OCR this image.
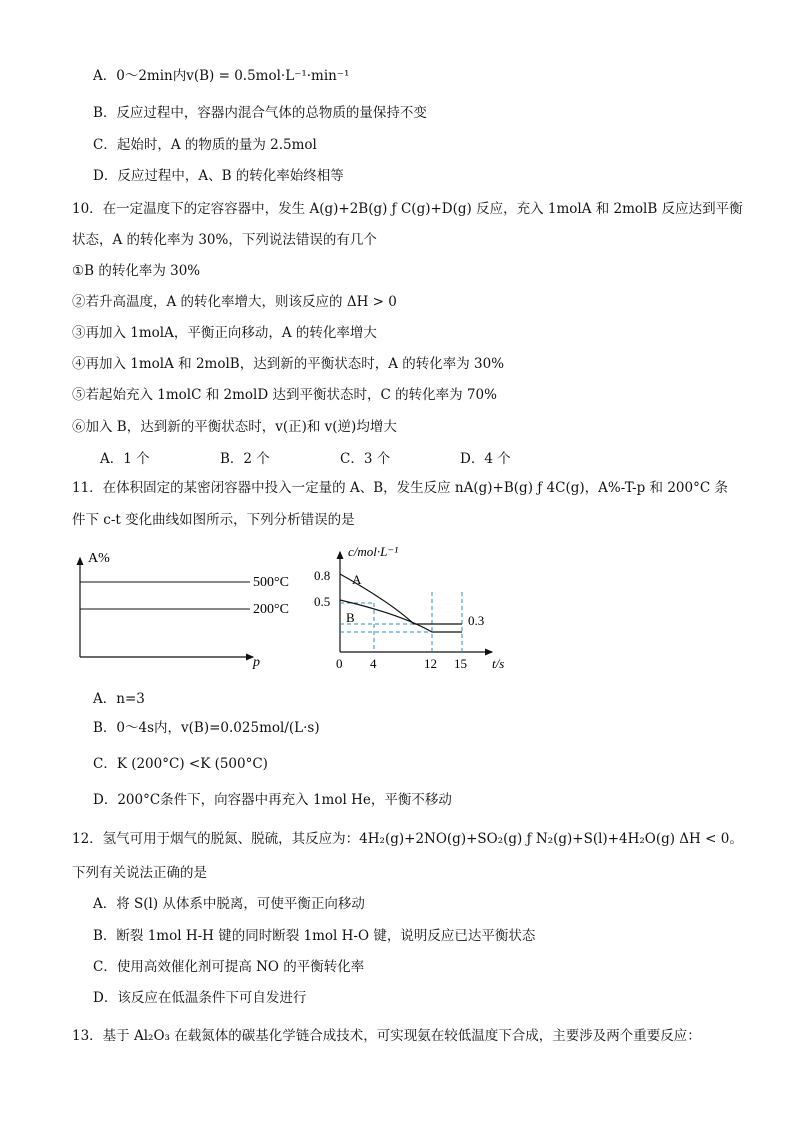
A．0～2min内v(B) = 0.5mol·L⁻¹·min⁻¹
B．反应过程中，容器内混合气体的总物质的量保持不变
C．起始时，A 的物质的量为 2.5mol
D．反应过程中，A、B 的转化率始终相等
10．在一定温度下的定容容器中，发生 A(g)+2B(g) ƒ C(g)+D(g) 反应，充入 1molA 和 2molB 反应达到平衡
状态，A 的转化率为 30%，下列说法错误的有几个
①B 的转化率为 30%
②若升高温度，A 的转化率增大，则该反应的 ΔH > 0
③再加入 1molA，平衡正向移动，A 的转化率增大
④再加入 1molA 和 2molB，达到新的平衡状态时，A 的转化率为 30%
⑤若起始充入 1molC 和 2molD 达到平衡状态时，C 的转化率为 70%
⑥加入 B，达到新的平衡状态时，v(正)和 v(逆)均增大
A．1 个	B．2 个	C．3 个	D．4 个
11．在体积固定的某密闭容器中投入一定量的 A、B，发生反应 nA(g)+B(g) ƒ 4C(g)，A%-T-p 和 200°C 条
件下 c-t 变化曲线如图所示，下列分析错误的是
A%
500°C
200°C
p
c/mol·L⁻¹
0.8
0.5
A
B	0.3
0 4	12 15 t/s
A．n=3
B．0～4s内，v(B)=0.025mol/(L·s)
C．K (200°C) <K (500°C)
D．200°C条件下，向容器中再充入 1mol He，平衡不移动
12．氢气可用于烟气的脱氮、脱硫，其反应为：4H₂(g)+2NO(g)+SO₂(g) ƒ N₂(g)+S(l)+4H₂O(g) ΔH < 0。
下列有关说法正确的是
A．将 S(l) 从体系中脱离，可使平衡正向移动
B．断裂 1mol H-H 键的同时断裂 1mol H-O 键，说明反应已达平衡状态
C．使用高效催化剂可提高 NO 的平衡转化率
D．该反应在低温条件下可自发进行
13．基于 Al₂O₃ 在载氮体的碳基化学链合成技术，可实现氨在较低温度下合成，主要涉及两个重要反应：
